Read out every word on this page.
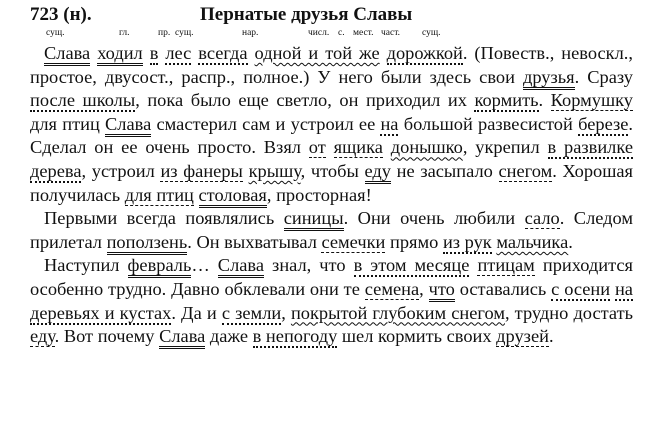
723 (н).	Пернатые друзья Славы
сущ.	гл.	пр. сущ.	нар.	числ. с. мест. част. сущ.

Слава ходил в лес всегда одной и той же дорожкой. (Повеств., невоскл., простое, двусост., распр., полное.) У него были здесь свои друзья. Сразу после школы, пока было еще светло, он приходил их кормить. Кормушку для птиц Слава смастерил сам и устроил ее на большой развесистой березе. Сделал он ее очень просто. Взял от ящика донышко, укрепил в развилке дерева, устроил из фанеры крышу, чтобы еду не засыпало снегом. Хорошая получилась для птиц столовая, просторная!

Первыми всегда появлялись синицы. Они очень любили сало. Следом прилетал поползень. Он выхватывал семечки прямо из рук мальчика.

Наступил февраль… Слава знал, что в этом месяце птицам приходится особенно трудно. Давно обклевали они те семена, что оставались с осени на деревьях и кустах. Да и с земли, покрытой глубоким снегом, трудно достать еду. Вот почему Слава даже в непогоду шел кормить своих друзей.
